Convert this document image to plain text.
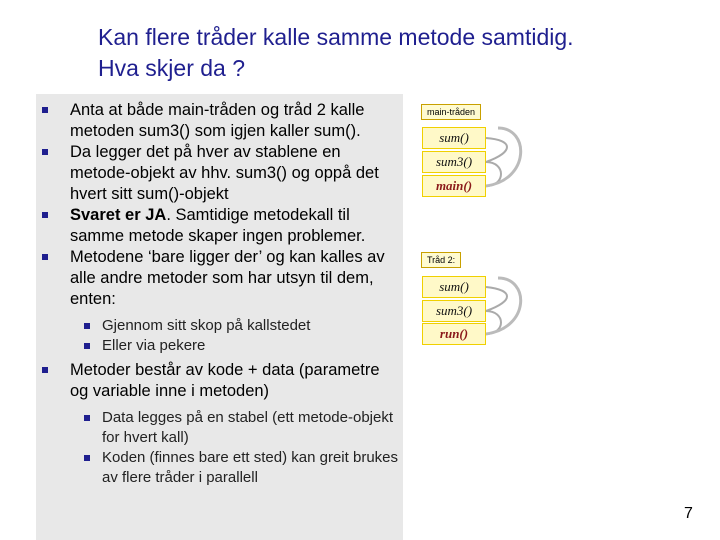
Kan flere tråder kalle samme metode samtidig.
Hva skjer da ?
Anta at både main-tråden og tråd 2 kalle metoden sum3() som igjen kaller sum().
Da legger det på hver av stablene en metode-objekt av hhv. sum3() og oppå det hvert sitt sum()-objekt
Svaret er JA. Samtidige metodekall til samme metode skaper ingen problemer.
Metodene ‘bare ligger der’ og kan kalles av alle andre metoder som har utsyn til dem, enten:
Gjennom sitt skop på kallstedet
Eller via pekere
Metoder består av kode + data (parametre og variable inne i metoden)
Data legges på en stabel (ett metode-objekt for hvert kall)
Koden (finnes bare ett sted) kan greit brukes av flere tråder i parallell
main-tråden
sum()
sum3()
main()
Tråd 2:
sum()
sum3()
run()
7
